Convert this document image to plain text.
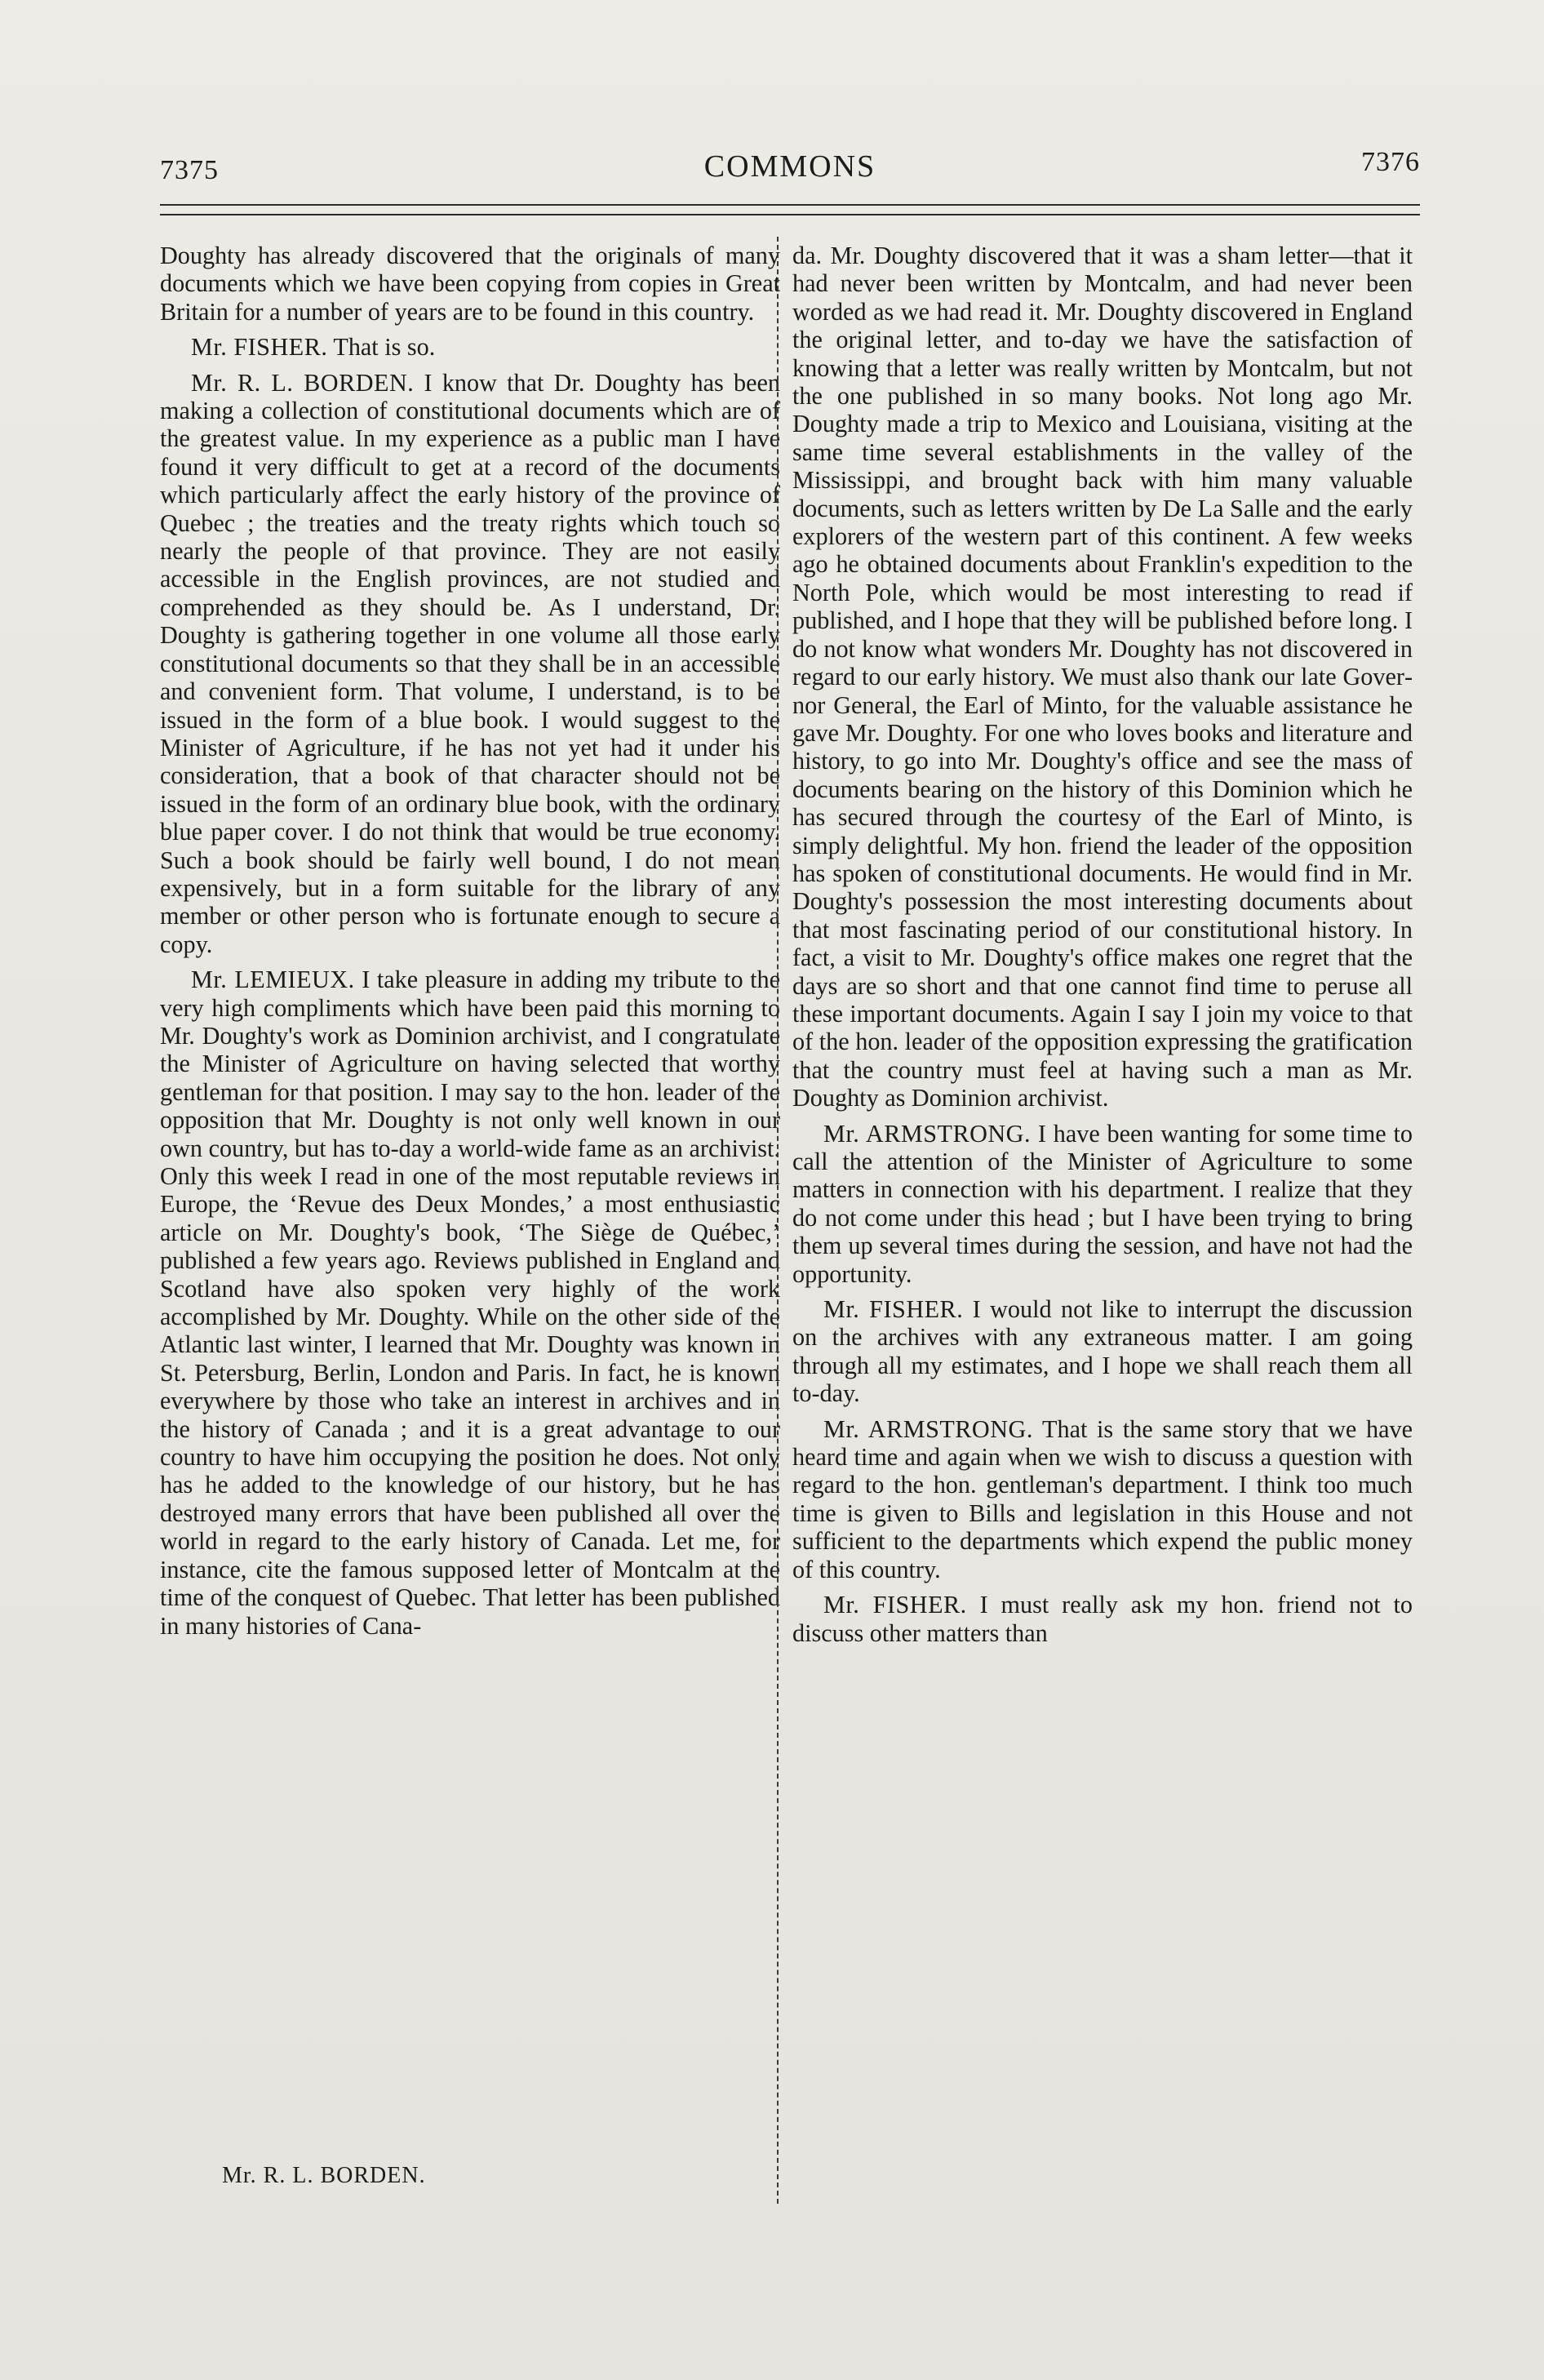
7375	COMMONS	7376

Doughty has already discovered that the originals of many documents which we have been copying from copies in Great Britain for a number of years are to be found in this country.

Mr. FISHER. That is so.

Mr. R. L. BORDEN. I know that Dr. Doughty has been making a collection of constitutional documents which are of the greatest value. In my experience as a public man I have found it very difficult to get at a record of the documents which particularly affect the early history of the province of Quebec ; the treaties and the treaty rights which touch so nearly the people of that province. They are not easily accessible in the English provinces, are not studied and comprehended as they should be. As I understand, Dr. Doughty is gathering together in one volume all those early constitutional documents so that they shall be in an accessible and convenient form. That volume, I understand, is to be issued in the form of a blue book. I would suggest to the Minister of Agriculture, if he has not yet had it under his consideration, that a book of that character should not be issued in the form of an ordinary blue book, with the ordinary blue paper cover. I do not think that would be true economy. Such a book should be fairly well bound, I do not mean expensively, but in a form suitable for the library of any member or other person who is fortunate enough to secure a copy.

Mr. LEMIEUX. I take pleasure in adding my tribute to the very high compliments which have been paid this morning to Mr. Doughty's work as Dominion archivist, and I congratulate the Minister of Agriculture on having selected that worthy gentleman for that position. I may say to the hon. leader of the opposition that Mr. Doughty is not only well known in our own country, but has to-day a world-wide fame as an archivist. Only this week I read in one of the most reputable reviews in Europe, the ‘Revue des Deux Mondes,’ a most enthusiastic article on Mr. Doughty's book, ‘The Siège de Québec,’ published a few years ago. Reviews published in England and Scotland have also spoken very highly of the work accomplished by Mr. Doughty. While on the other side of the Atlantic last winter, I learned that Mr. Doughty was known in St. Petersburg, Berlin, London and Paris. In fact, he is known everywhere by those who take an interest in archives and in the history of Canada ; and it is a great advantage to our country to have him occupying the position he does. Not only has he added to the knowledge of our history, but he has destroyed many errors that have been published all over the world in regard to the early history of Canada. Let me, for instance, cite the famous supposed letter of Montcalm at the time of the conquest of Quebec. That letter has been published in many histories of Cana-

da. Mr. Doughty discovered that it was a sham letter—that it had never been written by Montcalm, and had never been worded as we had read it. Mr. Doughty discovered in England the original letter, and to-day we have the satisfaction of knowing that a letter was really written by Montcalm, but not the one published in so many books. Not long ago Mr. Doughty made a trip to Mexico and Louisiana, visiting at the same time several establishments in the valley of the Mississippi, and brought back with him many valuable documents, such as letters written by De La Salle and the early explorers of the western part of this continent. A few weeks ago he obtained documents about Franklin's expedition to the North Pole, which would be most interesting to read if published, and I hope that they will be published before long. I do not know what wonders Mr. Doughty has not discovered in regard to our early history. We must also thank our late Governor General, the Earl of Minto, for the valuable assistance he gave Mr. Doughty. For one who loves books and literature and history, to go into Mr. Doughty's office and see the mass of documents bearing on the history of this Dominion which he has secured through the courtesy of the Earl of Minto, is simply delightful. My hon. friend the leader of the opposition has spoken of constitutional documents. He would find in Mr. Doughty's possession the most interesting documents about that most fascinating period of our constitutional history. In fact, a visit to Mr. Doughty's office makes one regret that the days are so short and that one cannot find time to peruse all these important documents. Again I say I join my voice to that of the hon. leader of the opposition expressing the gratification that the country must feel at having such a man as Mr. Doughty as Dominion archivist.

Mr. ARMSTRONG. I have been wanting for some time to call the attention of the Minister of Agriculture to some matters in connection with his department. I realize that they do not come under this head ; but I have been trying to bring them up several times during the session, and have not had the opportunity.

Mr. FISHER. I would not like to interrupt the discussion on the archives with any extraneous matter. I am going through all my estimates, and I hope we shall reach them all to-day.

Mr. ARMSTRONG. That is the same story that we have heard time and again when we wish to discuss a question with regard to the hon. gentleman's department. I think too much time is given to Bills and legislation in this House and not sufficient to the departments which expend the public money of this country.

Mr. FISHER. I must really ask my hon. friend not to discuss other matters than

Mr. R. L. BORDEN.
